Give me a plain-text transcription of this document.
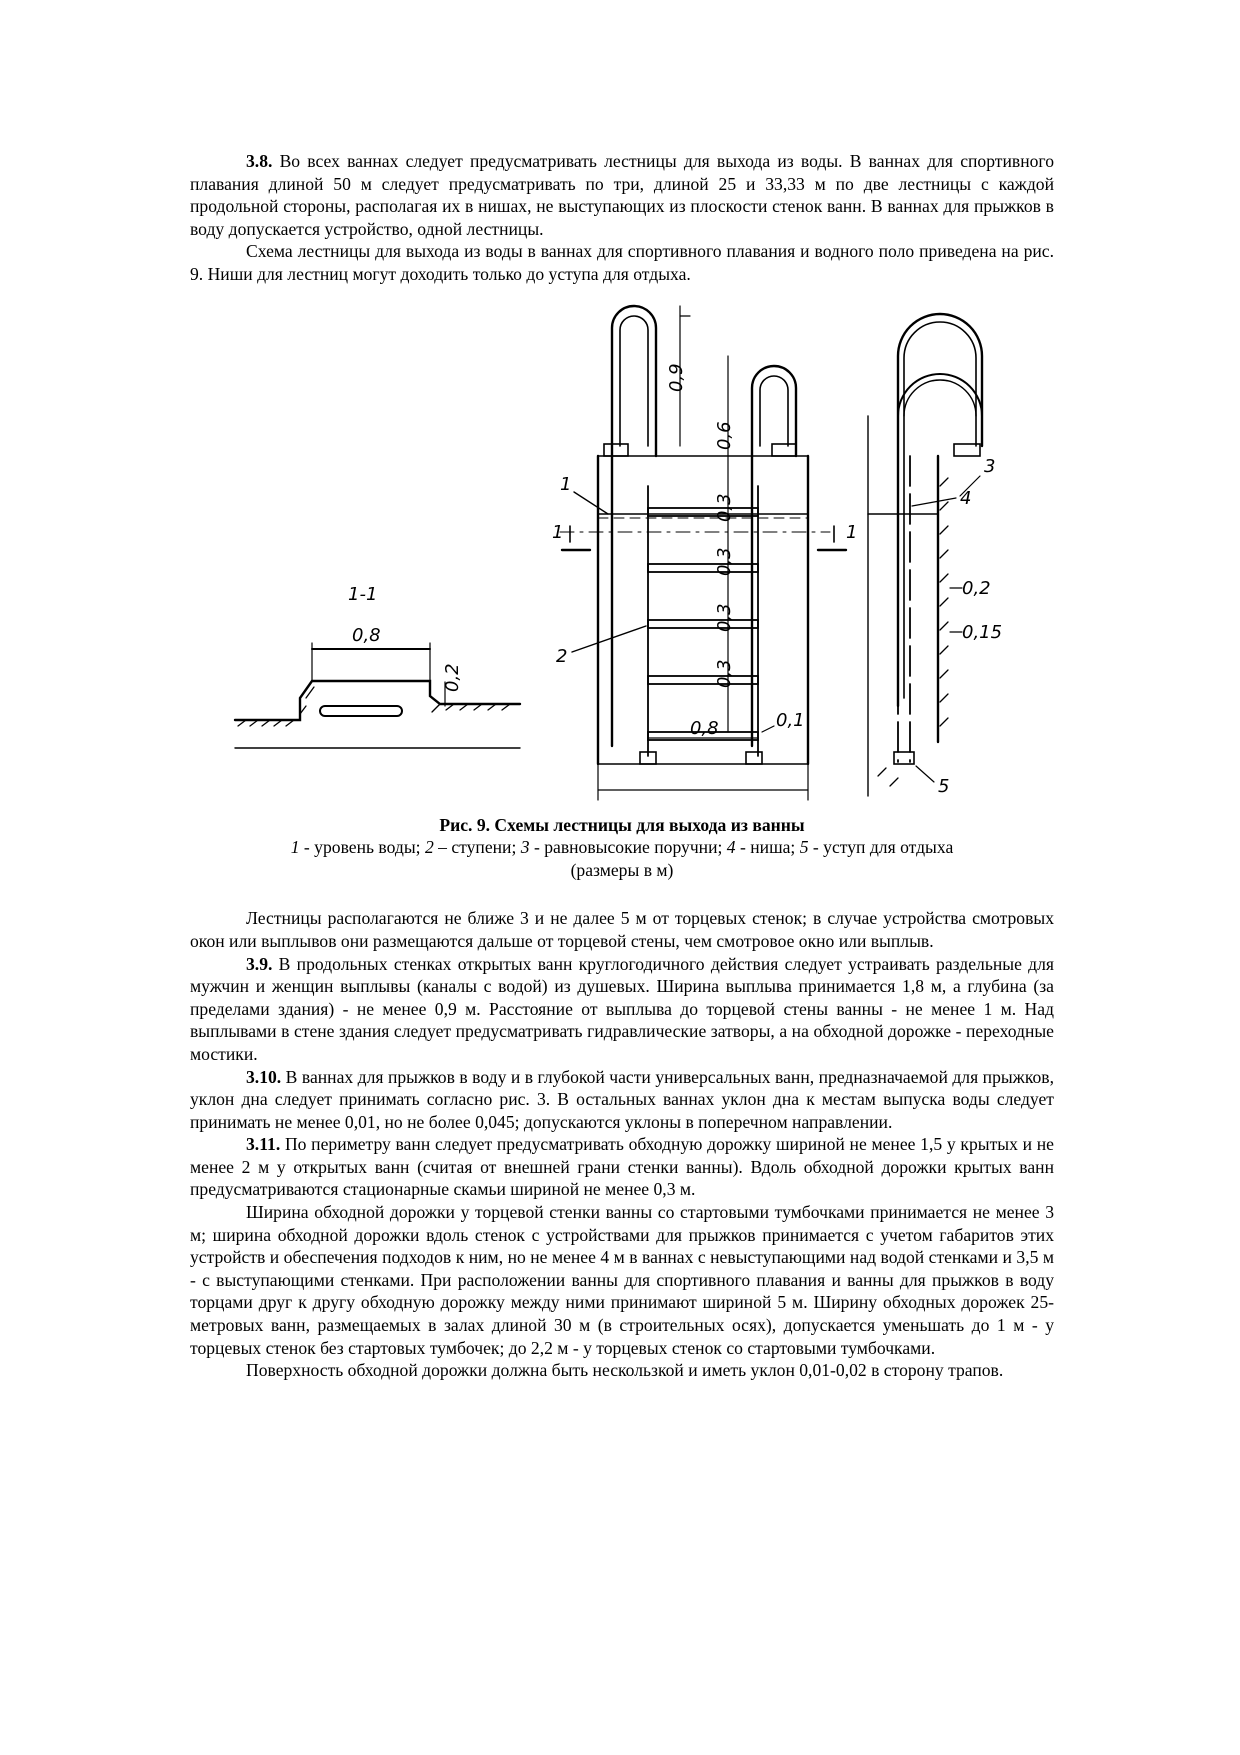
3.8. Во всех ваннах следует предусматривать лестницы для выхода из воды. В ваннах для спортивного плавания длиной 50 м следует предусматривать по три, длиной 25 и 33,33 м по две лестницы с каждой продольной стороны, располагая их в нишах, не выступающих из плоскости стенок ванн. В ваннах для прыжков в воду допускается устройство, одной лестницы.

Схема лестницы для выхода из воды в ваннах для спортивного плавания и водного поло приведена на рис. 9. Ниши для лестниц могут доходить только до уступа для отдыха.

1-1
0,8
0,2
0,9
0,6
0,3
0,3
0,3
0,3
0,8	0,1
1
2
1	1
3
4
0,2
0,15
5
Рис. 9. Схемы лестницы для выхода из ванны
1 - уровень воды; 2 – ступени; 3 - равновысокие поручни; 4 - ниша; 5 - уступ для отдыха
(размеры в м)

Лестницы располагаются не ближе 3 и не далее 5 м от торцевых стенок; в случае устройства смотровых окон или выплывов они размещаются дальше от торцевой стены, чем смотровое окно или выплыв.

3.9. В продольных стенках открытых ванн круглогодичного действия следует устраивать раздельные для мужчин и женщин выплывы (каналы с водой) из душевых. Ширина выплыва принимается 1,8 м, а глубина (за пределами здания) - не менее 0,9 м. Расстояние от выплыва до торцевой стены ванны - не менее 1 м. Над выплывами в стене здания следует предусматривать гидравлические затворы, а на обходной дорожке - переходные мостики.

3.10. В ваннах для прыжков в воду и в глубокой части универсальных ванн, предназначаемой для прыжков, уклон дна следует принимать согласно рис. 3. В остальных ваннах уклон дна к местам выпуска воды следует принимать не менее 0,01, но не более 0,045; допускаются уклоны в поперечном направлении.

3.11. По периметру ванн следует предусматривать обходную дорожку шириной не менее 1,5 у крытых и не менее 2 м у открытых ванн (считая от внешней грани стенки ванны). Вдоль обходной дорожки крытых ванн предусматриваются стационарные скамьи шириной не менее 0,3 м.

Ширина обходной дорожки у торцевой стенки ванны со стартовыми тумбочками принимается не менее 3 м; ширина обходной дорожки вдоль стенок с устройствами для прыжков принимается с учетом габаритов этих устройств и обеспечения подходов к ним, но не менее 4 м в ваннах с невыступающими над водой стенками и 3,5 м - с выступающими стенками. При расположении ванны для спортивного плавания и ванны для прыжков в воду торцами друг к другу обходную дорожку между ними принимают шириной 5 м. Ширину обходных дорожек 25-метровых ванн, размещаемых в залах длиной 30 м (в строительных осях), допускается уменьшать до 1 м - у торцевых стенок без стартовых тумбочек; до 2,2 м - у торцевых стенок со стартовыми тумбочками.

Поверхность обходной дорожки должна быть нескользкой и иметь уклон 0,01-0,02 в сторону трапов.
